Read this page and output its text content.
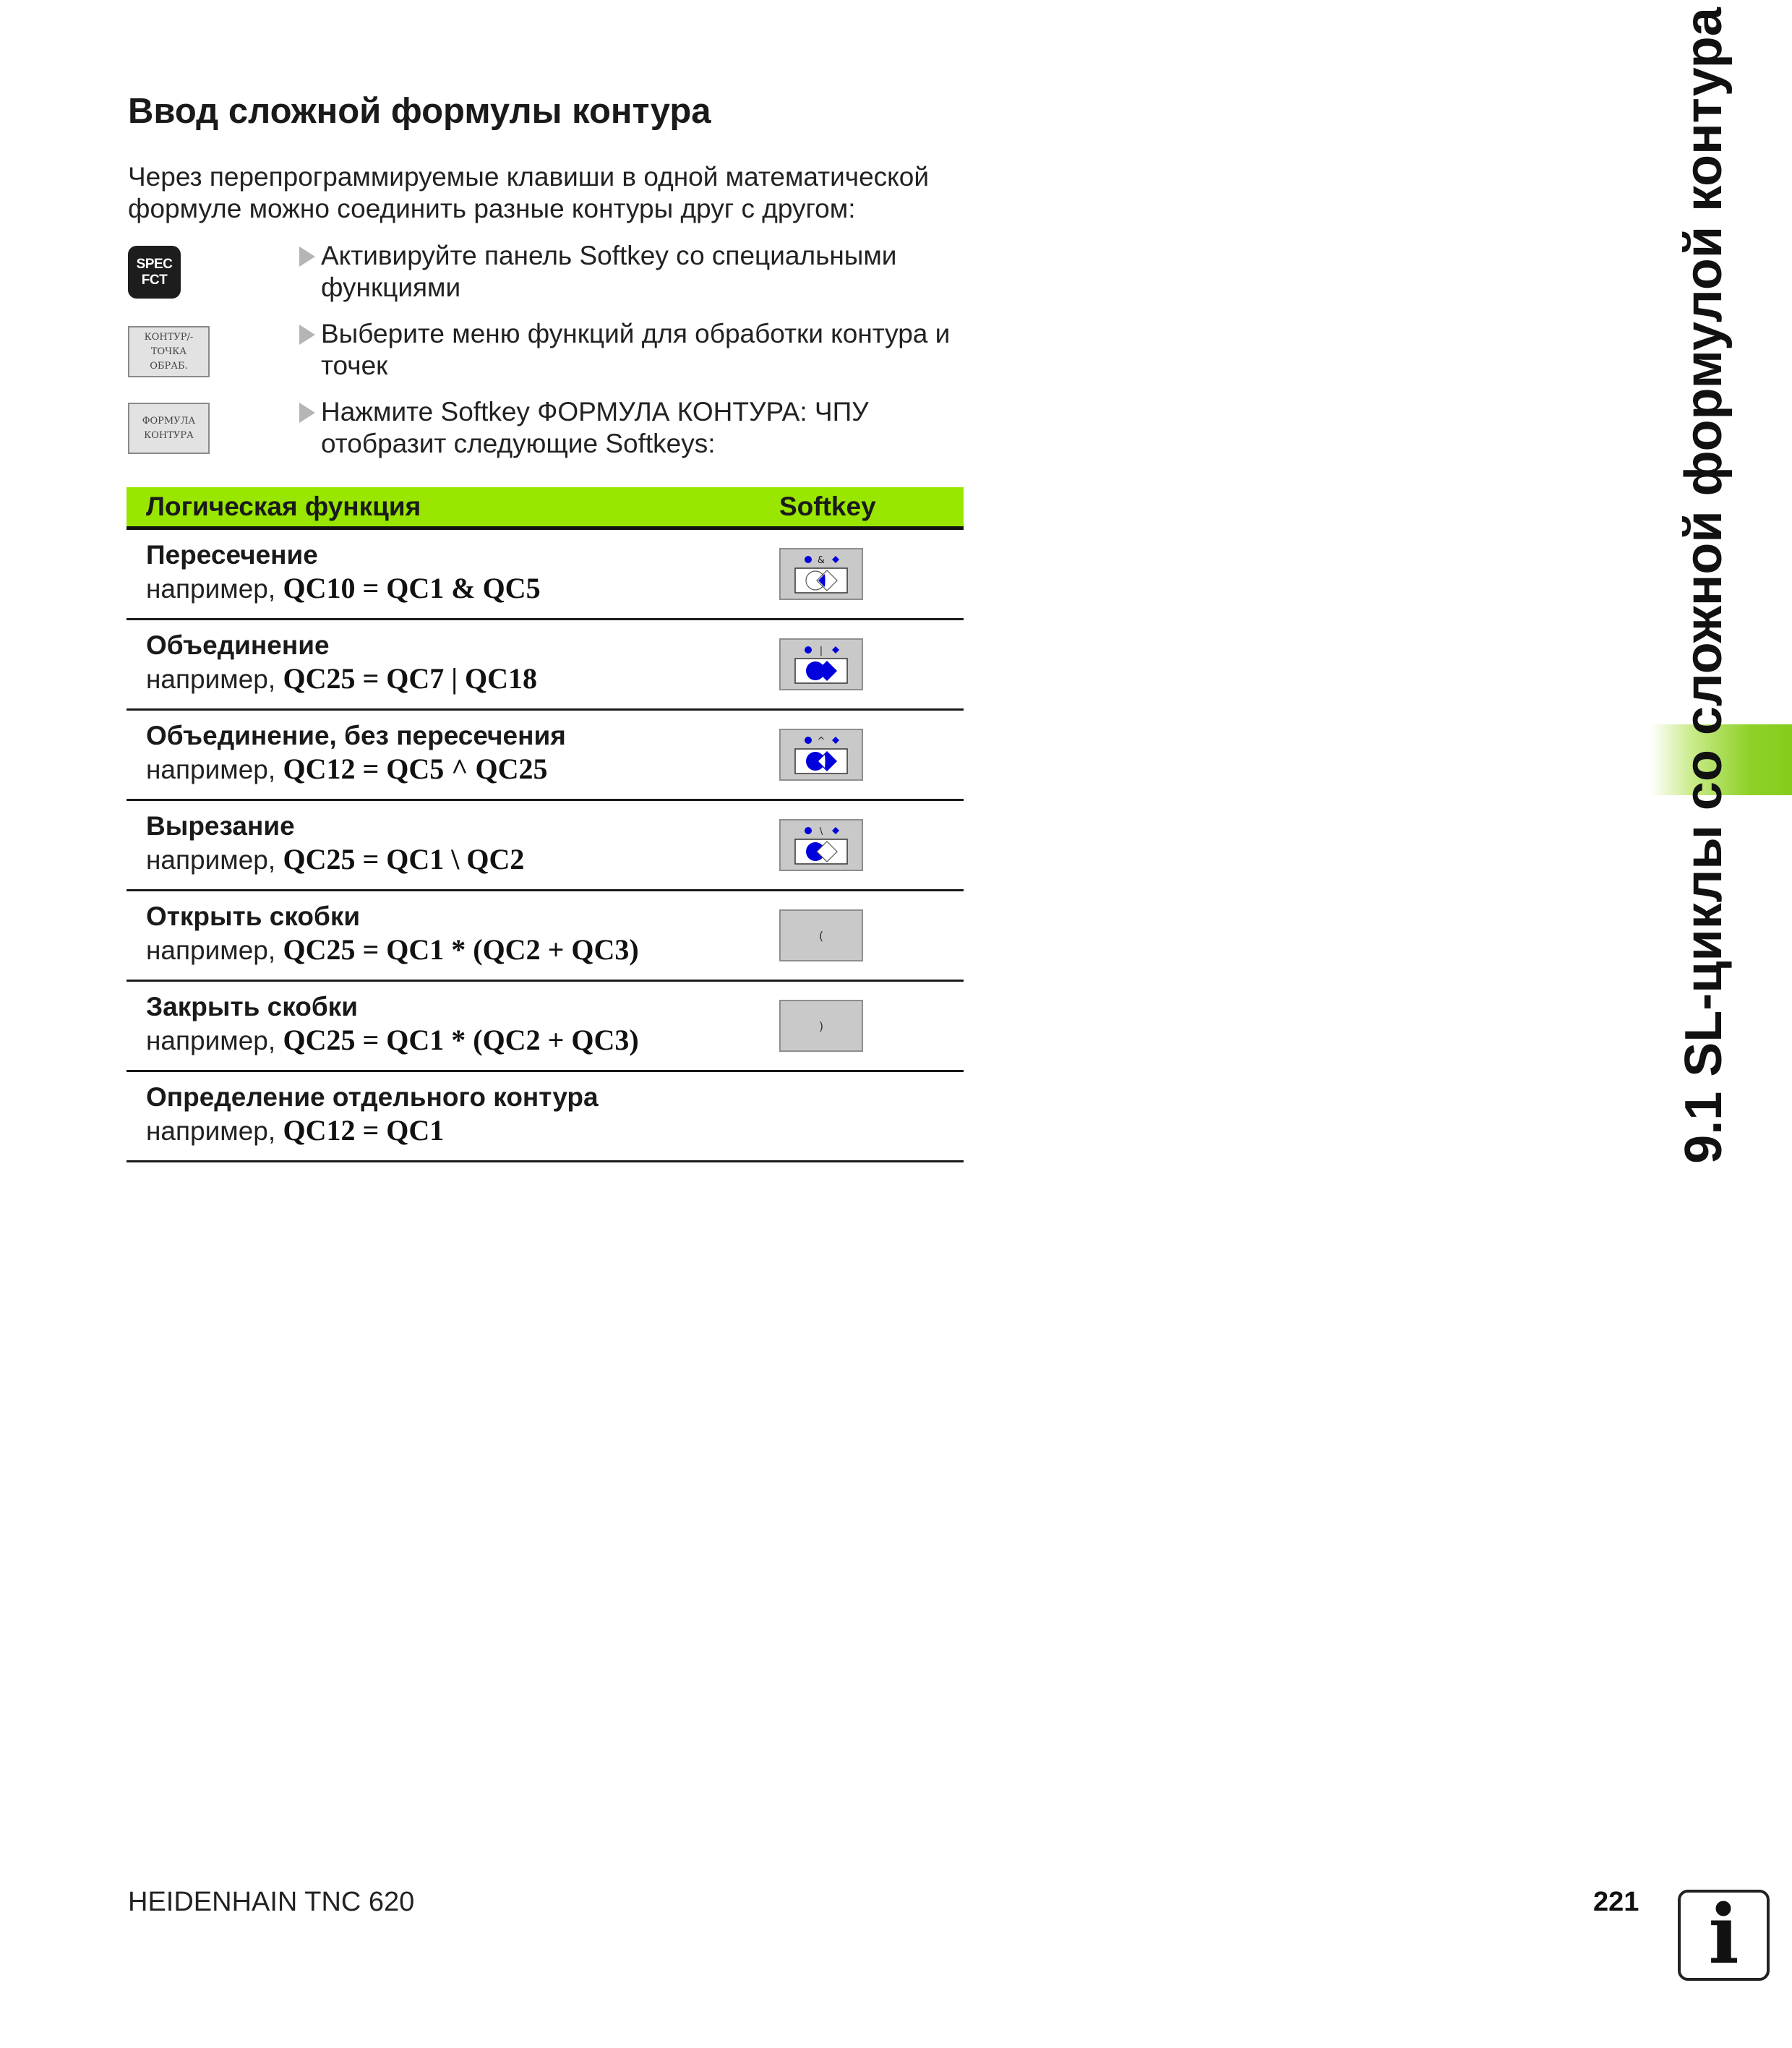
Ввод сложной формулы контура
Через перепрограммируемые клавиши в одной математической формуле можно соединить разные контуры друг с другом:
SPEC
FCT
КОНТУР/-
ТОЧКА
ОБРАБ.
ФОРМУЛА
КОНТУРА
Активируйте панель Softkey со специальными функциями
Выберите меню функций для обработки контура и точек
Нажмите Softkey ФОРМУЛА КОНТУРА: ЧПУ отобразит следующие Softkeys:
Логическая функция	Softkey
Пересечение
например, QC10 = QC1 & QC5
&
Объединение
например, QC25 = QC7 | QC18
|
Объединение, без пересечения
например, QC12 = QC5 ^ QC25
^
Вырезание
например, QC25 = QC1 \ QC2
\
Открыть скобки
например, QC25 = QC1 * (QC2 + QC3)	(
Закрыть скобки
например, QC25 = QC1 * (QC2 + QC3)	)
Определение отдельного контура
например, QC12 = QC1	9.1 SL-циклы со сложной формулой контура
HEIDENHAIN TNC 620	221 i
